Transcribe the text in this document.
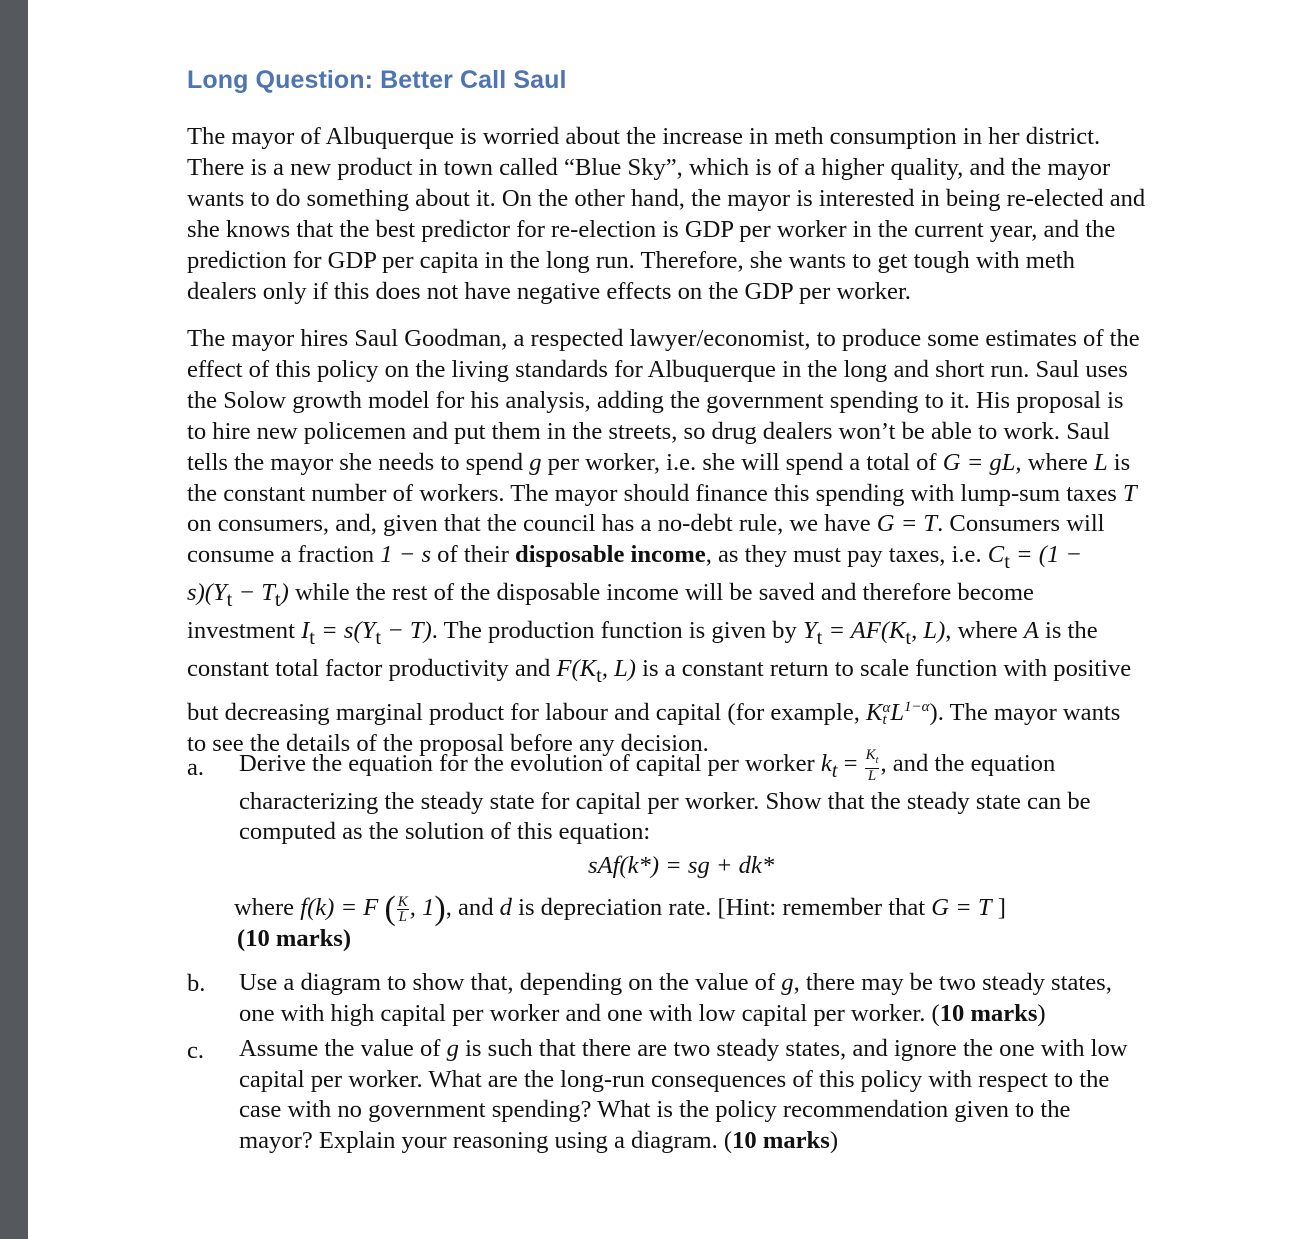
Long Question: Better Call Saul
The mayor of Albuquerque is worried about the increase in meth consumption in her district.
There is a new product in town called “Blue Sky”, which is of a higher quality, and the mayor
wants to do something about it. On the other hand, the mayor is interested in being re-elected and
she knows that the best predictor for re-election is GDP per worker in the current year, and the
prediction for GDP per capita in the long run. Therefore, she wants to get tough with meth
dealers only if this does not have negative effects on the GDP per worker.
The mayor hires Saul Goodman, a respected lawyer/economist, to produce some estimates of the
effect of this policy on the living standards for Albuquerque in the long and short run. Saul uses
the Solow growth model for his analysis, adding the government spending to it. His proposal is
to hire new policemen and put them in the streets, so drug dealers won’t be able to work. Saul
tells the mayor she needs to spend g per worker, i.e. she will spend a total of G = gL, where L is
the constant number of workers. The mayor should finance this spending with lump-sum taxes T
on consumers, and, given that the council has a no-debt rule, we have G = T. Consumers will
consume a fraction 1 − s of their disposable income, as they must pay taxes, i.e. $C_t = (1$ −
$s)(Y_t - T_t)$ while the rest of the disposable income will be saved and therefore become
investment $I_t = s(Y_t - T)$. The production function is given by $Y_t = AF(K_t$, L), where A is the
constant total factor productivity and $F(K_t$, L) is a constant return to scale function with positive
but decreasing marginal product for labour and capital (for example, K α
t $L^{1-\alpha}$). The mayor wants
to see the details of the proposal before any decision.
a. Derive the equation for the evolution of capital per worker $k_t = \frac{K_t}{L}$ , and the equation
characterizing the steady state for capital per worker. Show that the steady state can be
computed as the solution of this equation:
sAf(k*) = sg + dk*
where f(k) = F ( $\frac{K}{L}$ , 1), and d is depreciation rate. [Hint: remember that G = T ]
(10 marks)
b. Use a diagram to show that, depending on the value of g, there may be two steady states,
one with high capital per worker and one with low capital per worker. (10 marks)
c. Assume the value of g is such that there are two steady states, and ignore the one with low
capital per worker. What are the long-run consequences of this policy with respect to the
case with no government spending? What is the policy recommendation given to the
mayor? Explain your reasoning using a diagram. (10 marks)
